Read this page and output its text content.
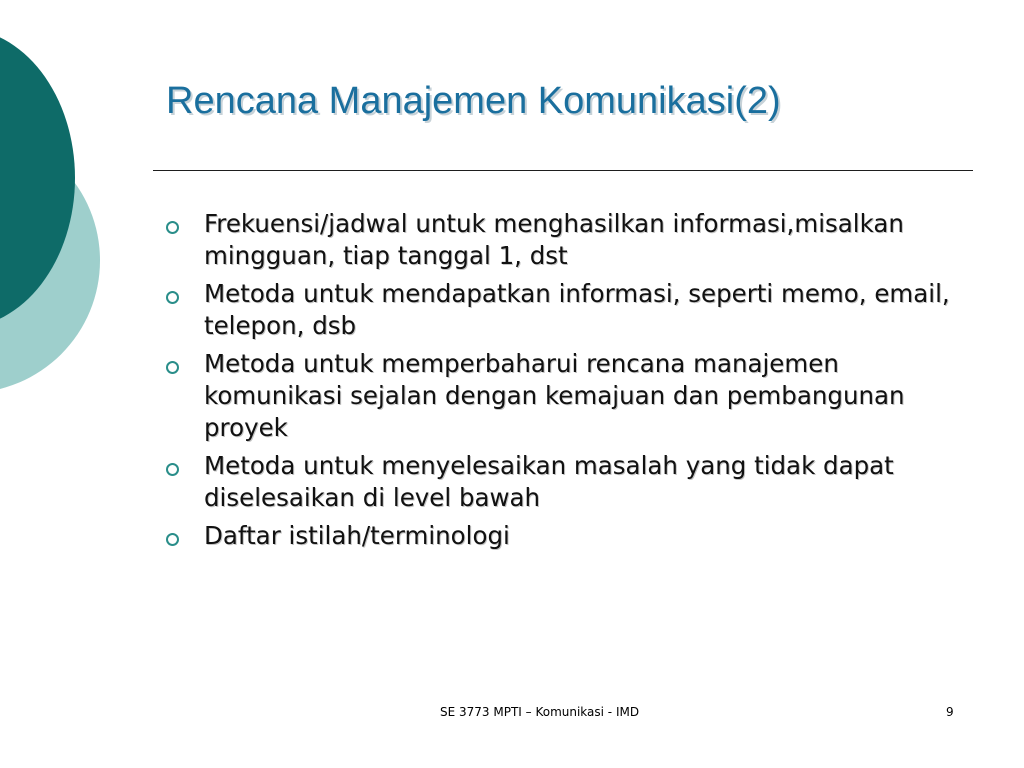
Rencana Manajemen Komunikasi(2)
Frekuensi/jadwal untuk menghasilkan informasi,misalkan mingguan, tiap tanggal 1, dst
Metoda untuk mendapatkan informasi, seperti memo, email, telepon, dsb
Metoda untuk memperbaharui rencana manajemen komunikasi sejalan dengan kemajuan dan pembangunan proyek
Metoda untuk menyelesaikan masalah yang tidak dapat diselesaikan di level bawah
Daftar istilah/terminologi
SE 3773 MPTI – Komunikasi - IMD	9
